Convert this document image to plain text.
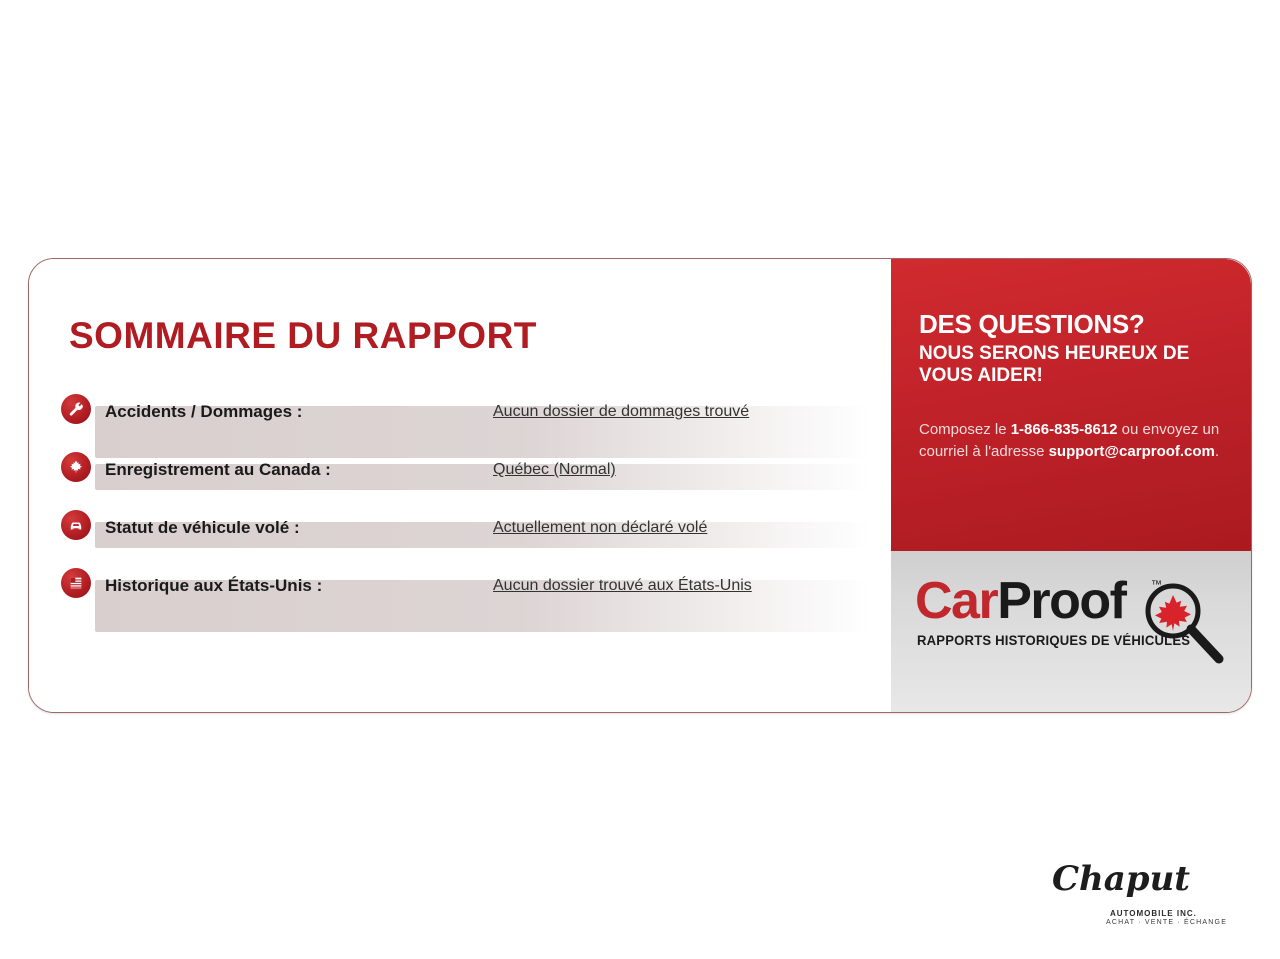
SOMMAIRE DU RAPPORT
Accidents / Dommages :	Aucun dossier de dommages trouvé
Enregistrement au Canada :	Québec (Normal)
Statut de véhicule volé :	Actuellement non déclaré volé
Historique aux États-Unis :	Aucun dossier trouvé aux États-Unis
DES QUESTIONS?
NOUS SERONS HEUREUX DE VOUS AIDER!
Composez le 1-866-835-8612 ou envoyez un courriel à l'adresse support@carproof.com.
CarProof ™
RAPPORTS HISTORIQUES DE VÉHICULES
Chaput
AUTOMOBILE INC.
ACHAT · VENTE · ÉCHANGE
